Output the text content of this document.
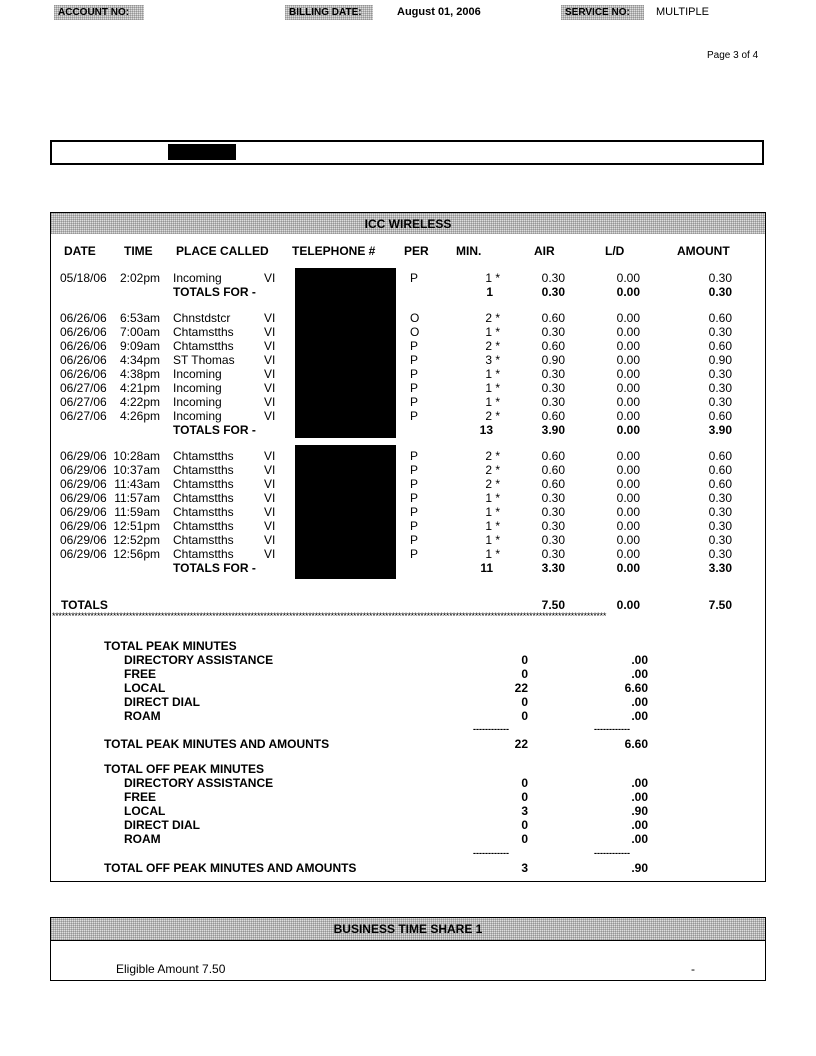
Page 3 of 4
ACCOUNT NO:	BILLING DATE:	August 01, 2006	SERVICE NO:	MULTIPLE
ICC WIRELESS
DATE TIME PLACE CALLED TELEPHONE # PER MIN.	AIR	L/D	AMOUNT
05/18/06	2:02pm Incoming	VI	P	1 *	0.30	0.00	0.30
TOTALS FOR -	1	0.30	0.00	0.30
06/26/06	6:53am Chnstdstcr	VI	O	2 *	0.60	0.00	0.60
06/26/06	7:00am Chtamstths	VI	O	1 *	0.30	0.00	0.30
06/26/06	9:09am Chtamstths	VI	P	2 *	0.60	0.00	0.60
06/26/06	4:34pm ST Thomas VI	P	3 *	0.90	0.00	0.90
06/26/06	4:38pm Incoming	VI	P	1 *	0.30	0.00	0.30
06/27/06	4:21pm Incoming	VI	P	1 *	0.30	0.00	0.30
06/27/06	4:22pm Incoming	VI	P	1 *	0.30	0.00	0.30
06/27/06	4:26pm Incoming	VI	P	2 *	0.60	0.00	0.60
TOTALS FOR -	13	3.90	0.00	3.90
06/29/06 10:28am Chtamstths	VI	P	2 *	0.60	0.00	0.60
06/29/06 10:37am Chtamstths	VI	P	2 *	0.60	0.00	0.60
06/29/06 11:43am Chtamstths	VI	P	2 *	0.60	0.00	0.60
06/29/06 11:57am Chtamstths	VI	P	1 *	0.30	0.00	0.30
06/29/06 11:59am Chtamstths	VI	P	1 *	0.30	0.00	0.30
06/29/06 12:51pm Chtamstths	VI	P	1 *	0.30	0.00	0.30
06/29/06 12:52pm Chtamstths	VI	P	1 *	0.30	0.00	0.30
06/29/06 12:56pm Chtamstths	VI	P	1 *	0.30	0.00	0.30
TOTALS FOR -	11	3.30	0.00	3.30
TOTALS	7.50	0.00	7.50
*****************************************************************************************************************************************************************************
TOTAL PEAK MINUTES
DIRECTORY ASSISTANCE	0	.00
FREE	0	.00
LOCAL	22	6.60
DIRECT DIAL	0	.00
ROAM	0	.00
------------	------------
TOTAL PEAK MINUTES AND AMOUNTS	22	6.60
TOTAL OFF PEAK MINUTES
DIRECTORY ASSISTANCE	0	.00
FREE	0	.00
LOCAL	3	.90
DIRECT DIAL	0	.00
ROAM	0	.00
------------	------------
TOTAL OFF PEAK MINUTES AND AMOUNTS	3	.90
BUSINESS TIME SHARE 1
Eligible Amount 7.50	-
